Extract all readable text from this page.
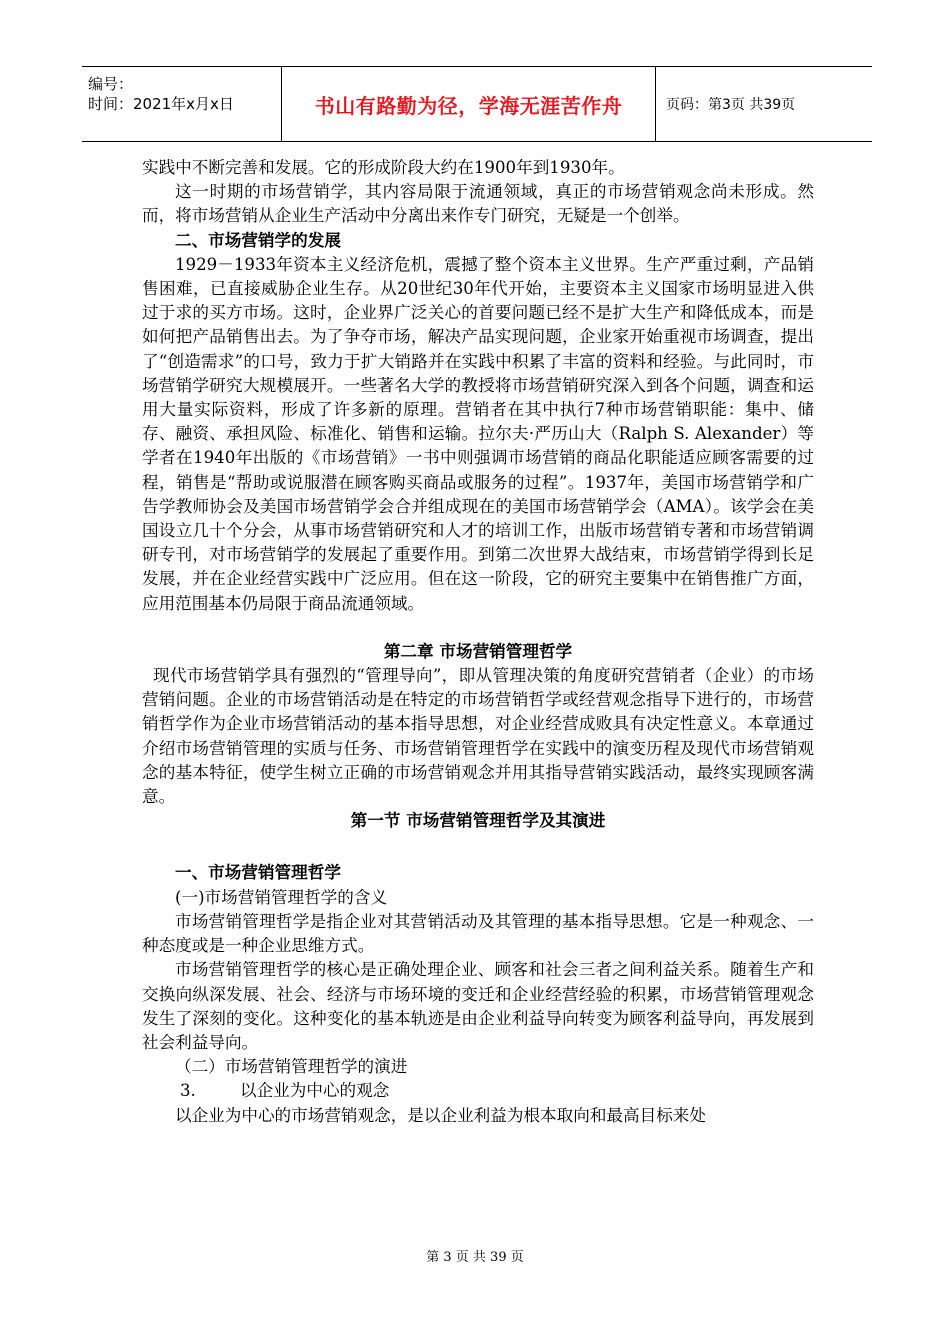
编号：
时间：2021年x月x日	书山有路勤为径，学海无涯苦作舟	页码：第3页 共39页

实践中不断完善和发展。它的形成阶段大约在1900年到1930年。

这一时期的市场营销学，其内容局限于流通领域，真正的市场营销观念尚未形成。然而，将市场营销从企业生产活动中分离出来作专门研究，无疑是一个创举。

二、市场营销学的发展

1929－1933年资本主义经济危机，震撼了整个资本主义世界。生产严重过剩，产品销售困难，已直接威胁企业生存。从20世纪30年代开始，主要资本主义国家市场明显进入供过于求的买方市场。这时，企业界广泛关心的首要问题已经不是扩大生产和降低成本，而是如何把产品销售出去。为了争夺市场，解决产品实现问题，企业家开始重视市场调查，提出了“创造需求”的口号，致力于扩大销路并在实践中积累了丰富的资料和经验。与此同时，市场营销学研究大规模展开。一些著名大学的教授将市场营销研究深入到各个问题，调查和运用大量实际资料，形成了许多新的原理。营销者在其中执行7种市场营销职能：集中、储存、融资、承担风险、标准化、销售和运输。拉尔夫·严历山大（Ralph S. Alexander）等学者在1940年出版的《市场营销》一书中则强调市场营销的商品化职能适应顾客需要的过程，销售是“帮助或说服潜在顾客购买商品或服务的过程”。1937年，美国市场营销学和广告学教师协会及美国市场营销学会合并组成现在的美国市场营销学会（AMA）。该学会在美国设立几十个分会，从事市场营销研究和人才的培训工作，出版市场营销专著和市场营销调研专刊，对市场营销学的发展起了重要作用。到第二次世界大战结束，市场营销学得到长足发展，并在企业经营实践中广泛应用。但在这一阶段，它的研究主要集中在销售推广方面，应用范围基本仍局限于商品流通领域。

第二章 市场营销管理哲学

现代市场营销学具有强烈的“管理导向”，即从管理决策的角度研究营销者（企业）的市场营销问题。企业的市场营销活动是在特定的市场营销哲学或经营观念指导下进行的，市场营销哲学作为企业市场营销活动的基本指导思想，对企业经营成败具有决定性意义。本章通过介绍市场营销管理的实质与任务、市场营销管理哲学在实践中的演变历程及现代市场营销观念的基本特征，使学生树立正确的市场营销观念并用其指导营销实践活动，最终实现顾客满意。

第一节 市场营销管理哲学及其演进

一、市场营销管理哲学

(一)市场营销管理哲学的含义

市场营销管理哲学是指企业对其营销活动及其管理的基本指导思想。它是一种观念、一种态度或是一种企业思维方式。

市场营销管理哲学的核心是正确处理企业、顾客和社会三者之间利益关系。随着生产和交换向纵深发展、社会、经济与市场环境的变迁和企业经营经验的积累，市场营销管理观念发生了深刻的变化。这种变化的基本轨迹是由企业利益导向转变为顾客利益导向，再发展到社会利益导向。

（二）市场营销管理哲学的演进

3.	以企业为中心的观念

以企业为中心的市场营销观念，是以企业利益为根本取向和最高目标来处

第 3 页 共 39 页
